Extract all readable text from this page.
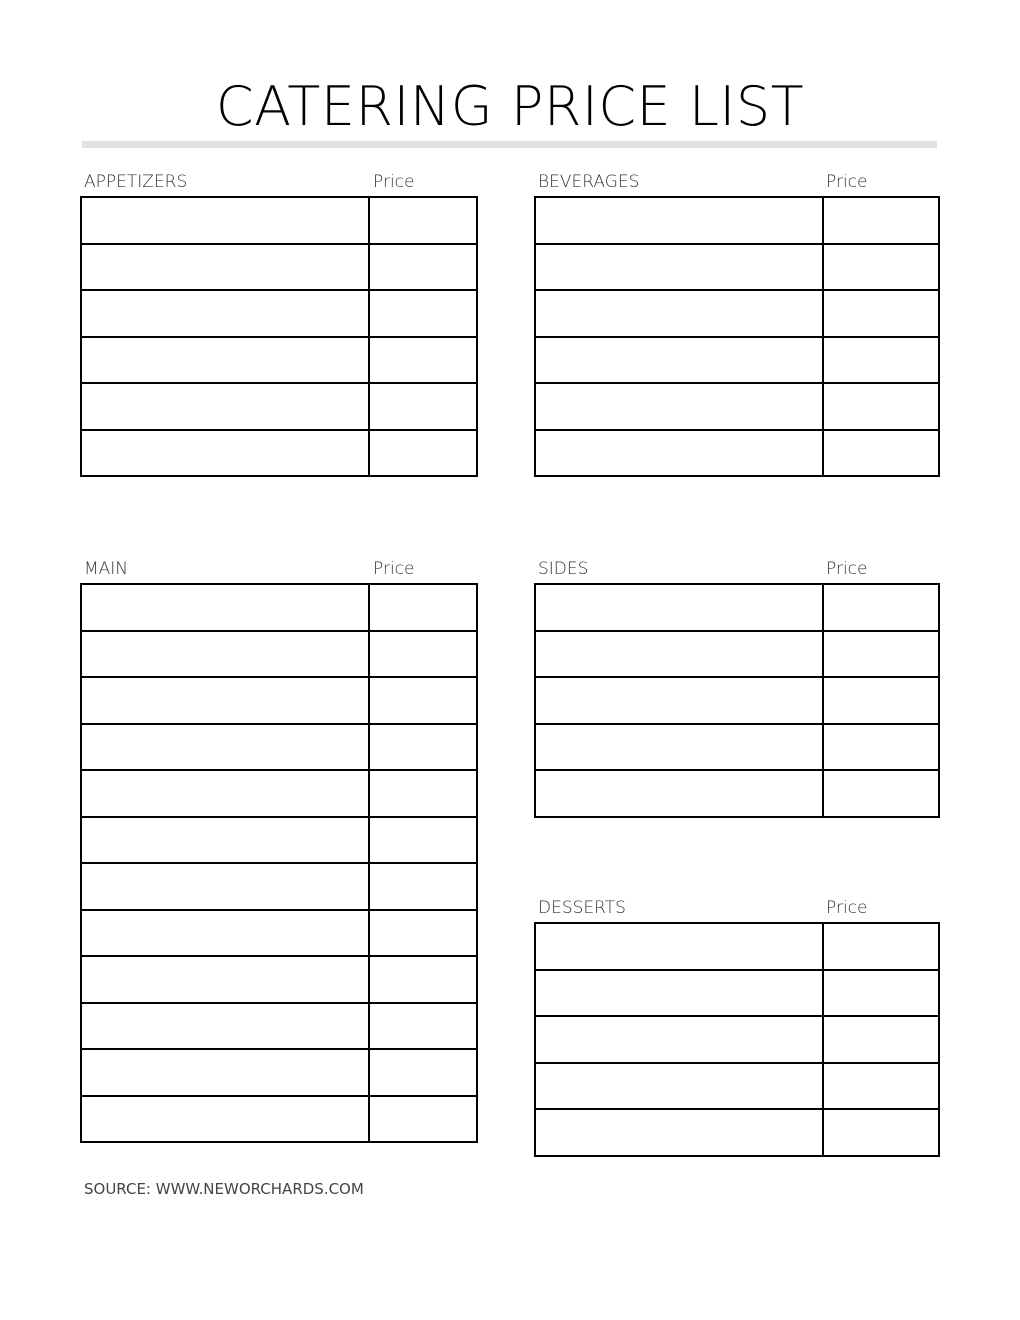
CATERING PRICE LIST
APPETIZERS	Price

		BEVERAGES	Price

MAIN	Price

		SIDES	Price

DESSERTS	Price

SOURCE: WWW.NEWORCHARDS.COM
